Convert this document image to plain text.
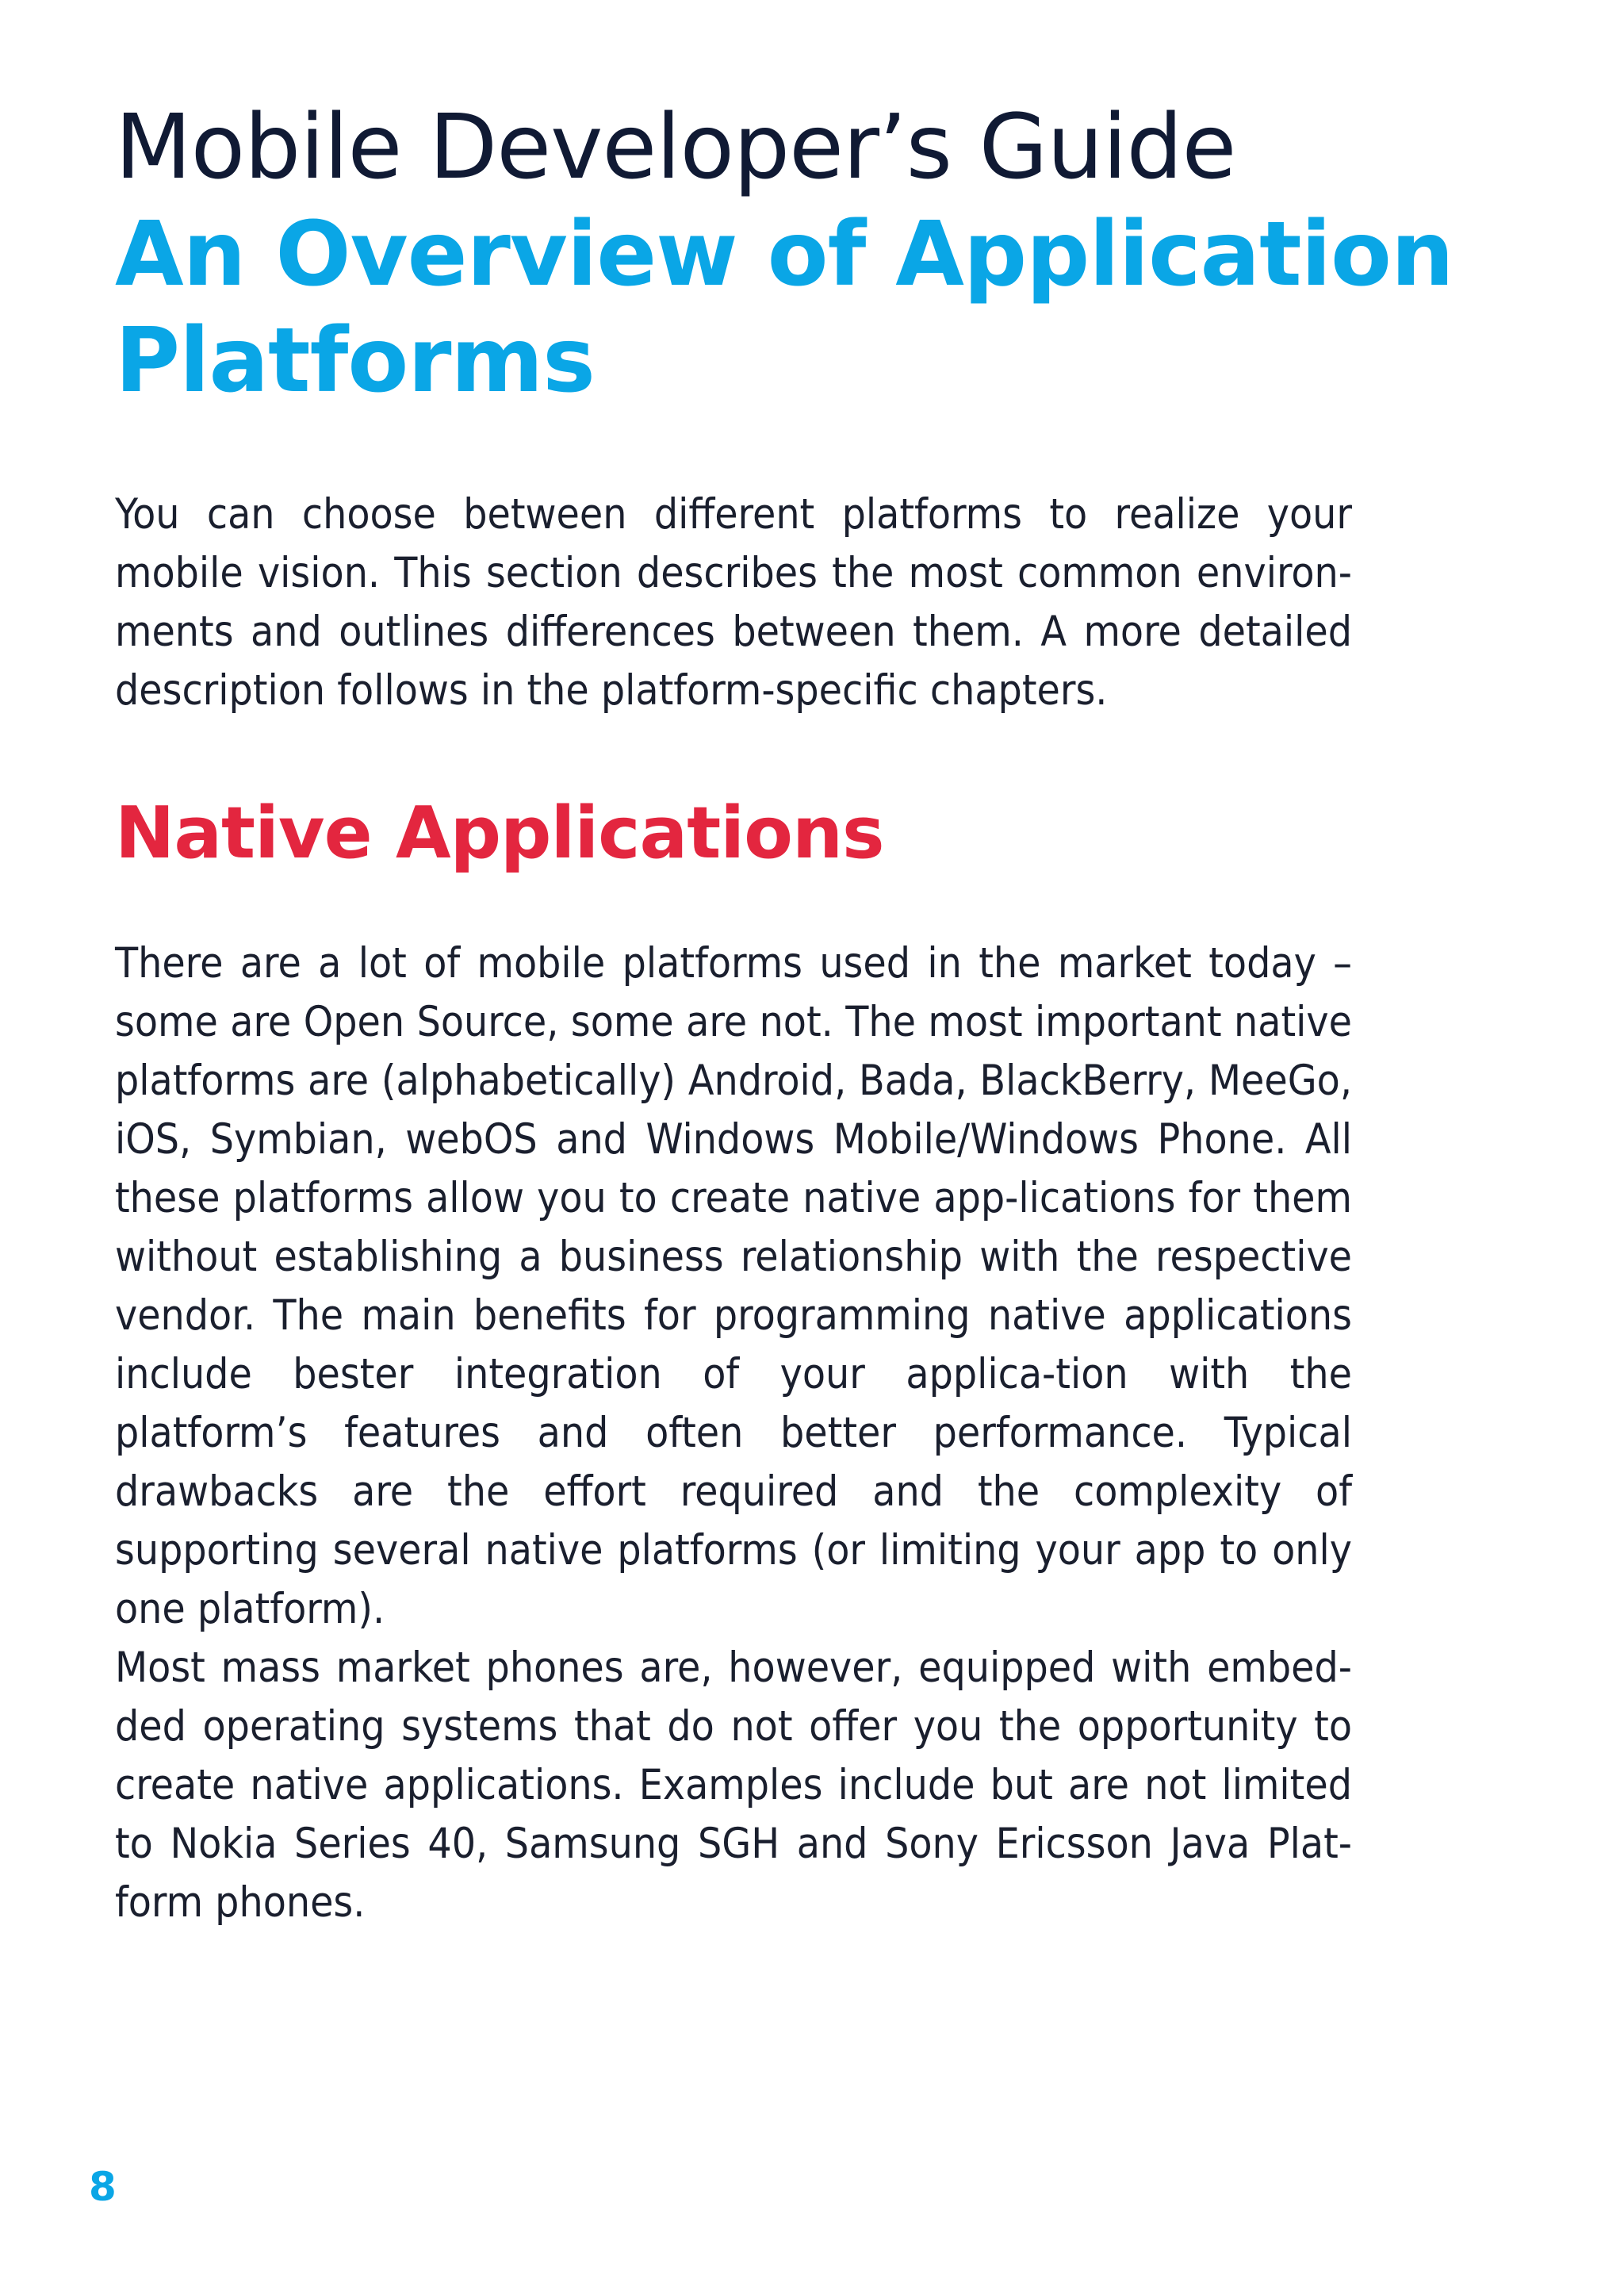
Mobile Developer’s Guide
An Overview of Application
Platforms

You can choose between different platforms to realize your mobile vision. This section describes the most common environ-ments and outlines differences between them. A more detailed description follows in the platform-specific chapters.

Native Applications

There are a lot of mobile platforms used in the market today – some are Open Source, some are not. The most important native platforms are (alphabetically) Android, Bada, BlackBerry, MeeGo, iOS, Symbian, webOS and Windows Mobile/Windows Phone. All these platforms allow you to create native app-lications for them without establishing a business relationship with the respective vendor. The main benefits for programming native applications include bester integration of your applica-tion with the platform’s features and often better performance. Typical drawbacks are the effort required and the complexity of supporting several native platforms (or limiting your app to only one platform).

Most mass market phones are, however, equipped with embed-ded operating systems that do not offer you the opportunity to create native applications. Examples include but are not limited to Nokia Series 40, Samsung SGH and Sony Ericsson Java Plat-form phones.

8
